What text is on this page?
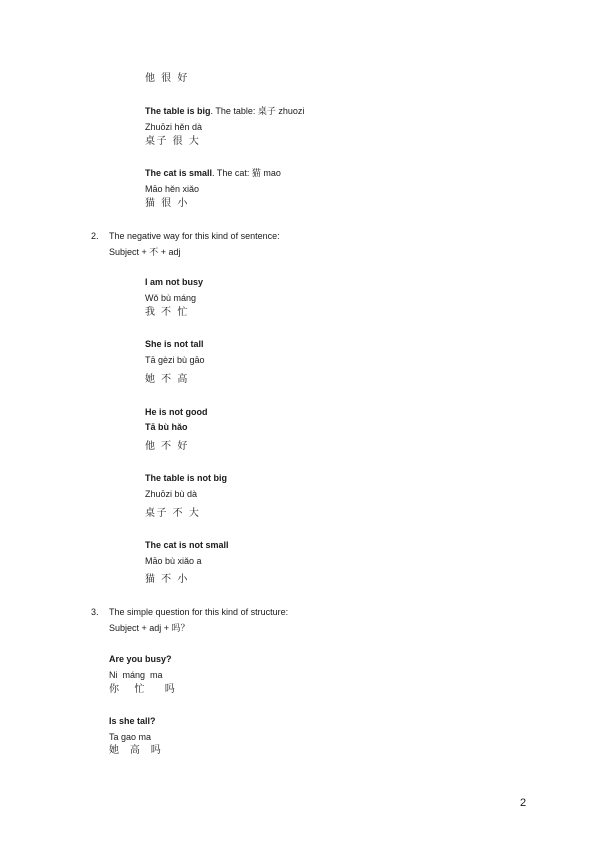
他 很 好
The table is big. The table: 桌子 zhuozi
Zhuōzi hěn dà
桌子 很 大
The cat is small. The cat: 猫 mao
Māo hěn xiǎo
猫 很 小
2. The negative way for this kind of sentence:
Subject + 不 + adj
I am not busy
Wǒ bù máng
我 不 忙
She is not tall
Tā gèzi bù gāo
她 不 高
He is not good
Tā bù hǎo
他 不 好
The table is not big
Zhuōzi bù dà
桌子 不 大
The cat is not small
Māo bù xiǎo a
猫 不 小
3. The simple question for this kind of structure:
Subject + adj + 吗？
Are you busy?
Ni  máng  ma
你   忙    吗
Is she tall?
Ta gao ma
她  高  吗
2
